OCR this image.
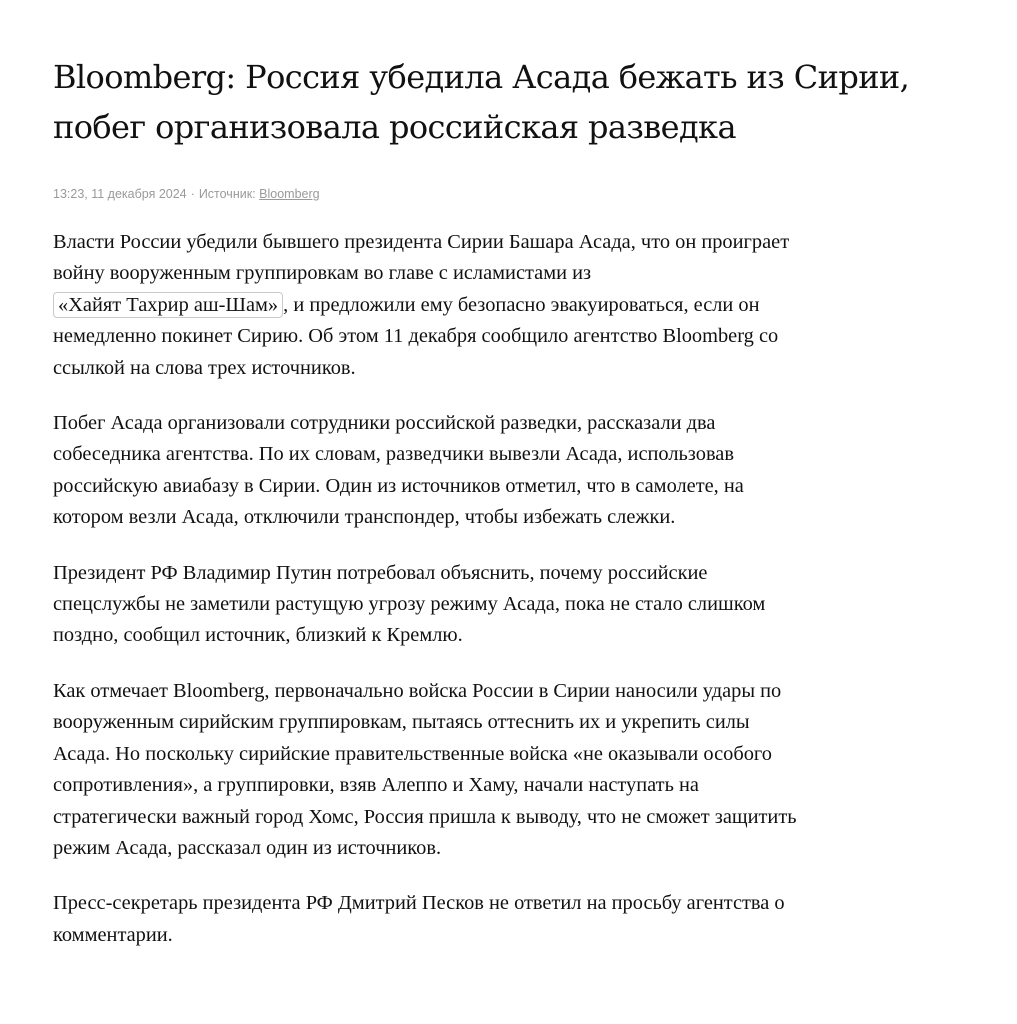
Bloomberg: Россия убедила Асада бежать из Сирии, побег организовала российская разведка
13:23, 11 декабря 2024 · Источник: Bloomberg

Власти России убедили бывшего президента Сирии Башара Асада, что он проиграет войну вооруженным группировкам во главе с исламистами из «Хайят Тахрир аш-Шам» , и предложили ему безопасно эвакуироваться, если он немедленно покинет Сирию. Об этом 11 декабря сообщило агентство Bloomberg со ссылкой на слова трех источников.

Побег Асада организовали сотрудники российской разведки, рассказали два собеседника агентства. По их словам, разведчики вывезли Асада, использовав российскую авиабазу в Сирии. Один из источников отметил, что в самолете, на котором везли Асада, отключили транспондер, чтобы избежать слежки.

Президент РФ Владимир Путин потребовал объяснить, почему российские спецслужбы не заметили растущую угрозу режиму Асада, пока не стало слишком поздно, сообщил источник, близкий к Кремлю.

Как отмечает Bloomberg, первоначально войска России в Сирии наносили удары по вооруженным сирийским группировкам, пытаясь оттеснить их и укрепить силы Асада. Но поскольку сирийские правительственные войска «не оказывали особого сопротивления», а группировки, взяв Алеппо и Хаму, начали наступать на стратегически важный город Хомс, Россия пришла к выводу, что не сможет защитить режим Асада, рассказал один из источников.

Пресс-секретарь президента РФ Дмитрий Песков не ответил на просьбу агентства о комментарии.
